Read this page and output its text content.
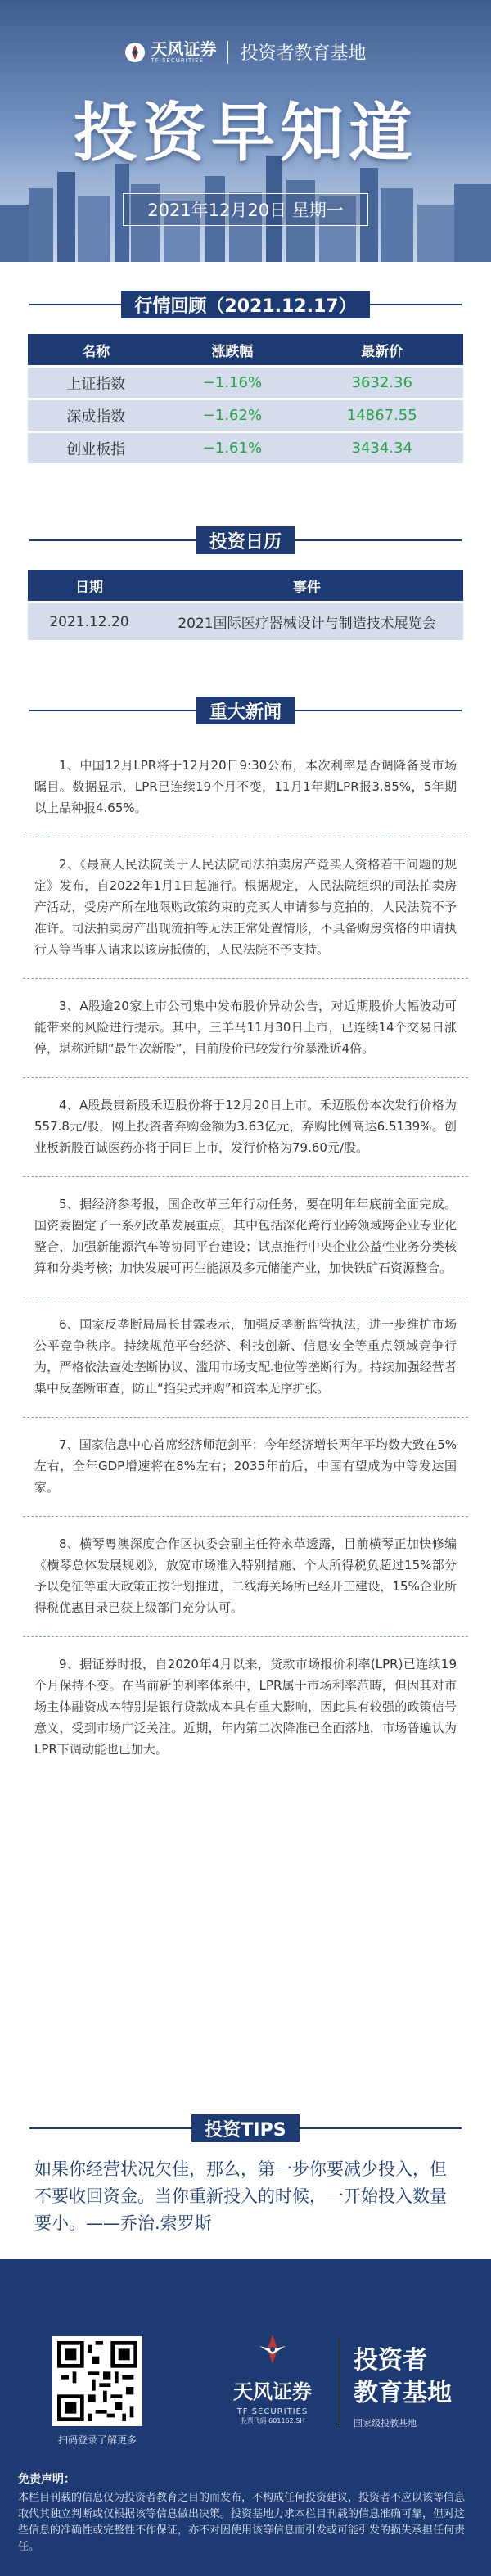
天风证券
TF SECURITIES	投资者教育基地
投资早知道
2021年12月20日 星期一
行情回顾（2021.12.17）
名称	涨跌幅	最新价
上证指数	−1.16%	3632.36
深成指数	−1.62%	14867.55
创业板指	−1.61%	3434.34
投资日历
日期	事件
2021.12.20	2021国际医疗器械设计与制造技术展览会
重大新闻
1、中国12月LPR将于12月20日9:30公布，本次利率是否调降备受市场瞩目。数据显示，LPR已连续19个月不变，11月1年期LPR报3.85%，5年期以上品种报4.65%。
2、《最高人民法院关于人民法院司法拍卖房产竞买人资格若干问题的规定》发布，自2022年1月1日起施行。根据规定，人民法院组织的司法拍卖房产活动，受房产所在地限购政策约束的竞买人申请参与竞拍的，人民法院不予准许。司法拍卖房产出现流拍等无法正常处置情形，不具备购房资格的申请执行人等当事人请求以该房抵债的，人民法院不予支持。
3、A股逾20家上市公司集中发布股价异动公告，对近期股价大幅波动可能带来的风险进行提示。其中，三羊马11月30日上市，已连续14个交易日涨停，堪称近期“最牛次新股”，目前股价已较发行价暴涨近4倍。
4、A股最贵新股禾迈股份将于12月20日上市。禾迈股份本次发行价格为557.8元/股，网上投资者弃购金额为3.63亿元，弃购比例高达6.5139%。创业板新股百诚医药亦将于同日上市，发行价格为79.60元/股。
5、据经济参考报，国企改革三年行动任务，要在明年年底前全面完成。国资委圈定了一系列改革发展重点，其中包括深化跨行业跨领域跨企业专业化整合，加强新能源汽车等协同平台建设；试点推行中央企业公益性业务分类核算和分类考核；加快发展可再生能源及多元储能产业，加快铁矿石资源整合。
6、国家反垄断局局长甘霖表示，加强反垄断监管执法，进一步维护市场公平竞争秩序。持续规范平台经济、科技创新、信息安全等重点领域竞争行为，严格依法查处垄断协议、滥用市场支配地位等垄断行为。持续加强经营者集中反垄断审查，防止“掐尖式并购”和资本无序扩张。
7、国家信息中心首席经济师范剑平：今年经济增长两年平均数大致在5%左右，全年GDP增速将在8%左右；2035年前后，中国有望成为中等发达国家。
8、横琴粤澳深度合作区执委会副主任符永革透露，目前横琴正加快修编《横琴总体发展规划》，放宽市场准入特别措施、个人所得税负超过15%部分予以免征等重大政策正按计划推进，二线海关场所已经开工建设，15%企业所得税优惠目录已获上级部门充分认可。
9、据证券时报，自2020年4月以来，贷款市场报价利率(LPR)已连续19个月保持不变。在当前新的利率体系中，LPR属于市场利率范畴，但因其对市场主体融资成本特别是银行贷款成本具有重大影响，因此具有较强的政策信号意义，受到市场广泛关注。近期，年内第二次降准已全面落地，市场普遍认为LPR下调动能也已加大。
投资TIPS
如果你经营状况欠佳，那么，第一步你要减少投入，但不要收回资金。当你重新投入的时候，一开始投入数量要小。——乔治.索罗斯
扫码登录了解更多
天风证券
TF SECURITIES
股票代码 601162.SH
投资者
教育基地
国家级投教基地
免责声明：
本栏目刊载的信息仅为投资者教育之目的而发布，不构成任何投资建议，投资者不应以该等信息取代其独立判断或仅根据该等信息做出决策。投资基地力求本栏目刊载的信息准确可靠，但对这些信息的准确性或完整性不作保证，亦不对因使用该等信息而引发或可能引发的损失承担任何责任。
